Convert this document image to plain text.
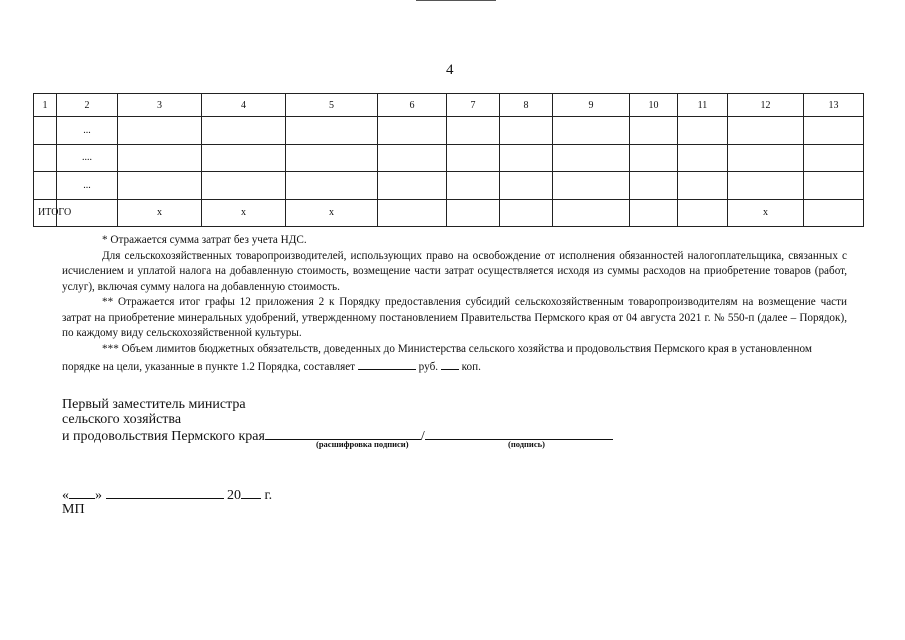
4
1	2	3	4	5	6	7	8	9	10	11	12	13
	...											
	....											
	...											
ИТОГО		x	x	x							x	

* Отражается сумма затрат без учета НДС.

Для сельскохозяйственных товаропроизводителей, использующих право на освобождение от исполнения обязанностей налогоплательщика, связанных с исчислением и уплатой налога на добавленную стоимость, возмещение части затрат осуществляется исходя из суммы расходов на приобретение товаров (работ, услуг), включая сумму налога на добавленную стоимость.

** Отражается итог графы 12 приложения 2 к Порядку предоставления субсидий сельскохозяйственным товаропроизводителям на возмещение части затрат на приобретение минеральных удобрений, утвержденному постановлением Правительства Пермского края от 04 августа 2021 г. № 550-п (далее – Порядок), по каждому виду сельскохозяйственной культуры.

*** Объем лимитов бюджетных обязательств, доведенных до Министерства сельского хозяйства и продовольствия Пермского края в установленном порядке на цели, указанные в пункте 1.2 Порядка, составляет	руб. коп.

Первый заместитель министра
сельского хозяйства
и продовольствия Пермского края	/
(расшифровка подписи)	(подпись)
« »	20 г.
МП
